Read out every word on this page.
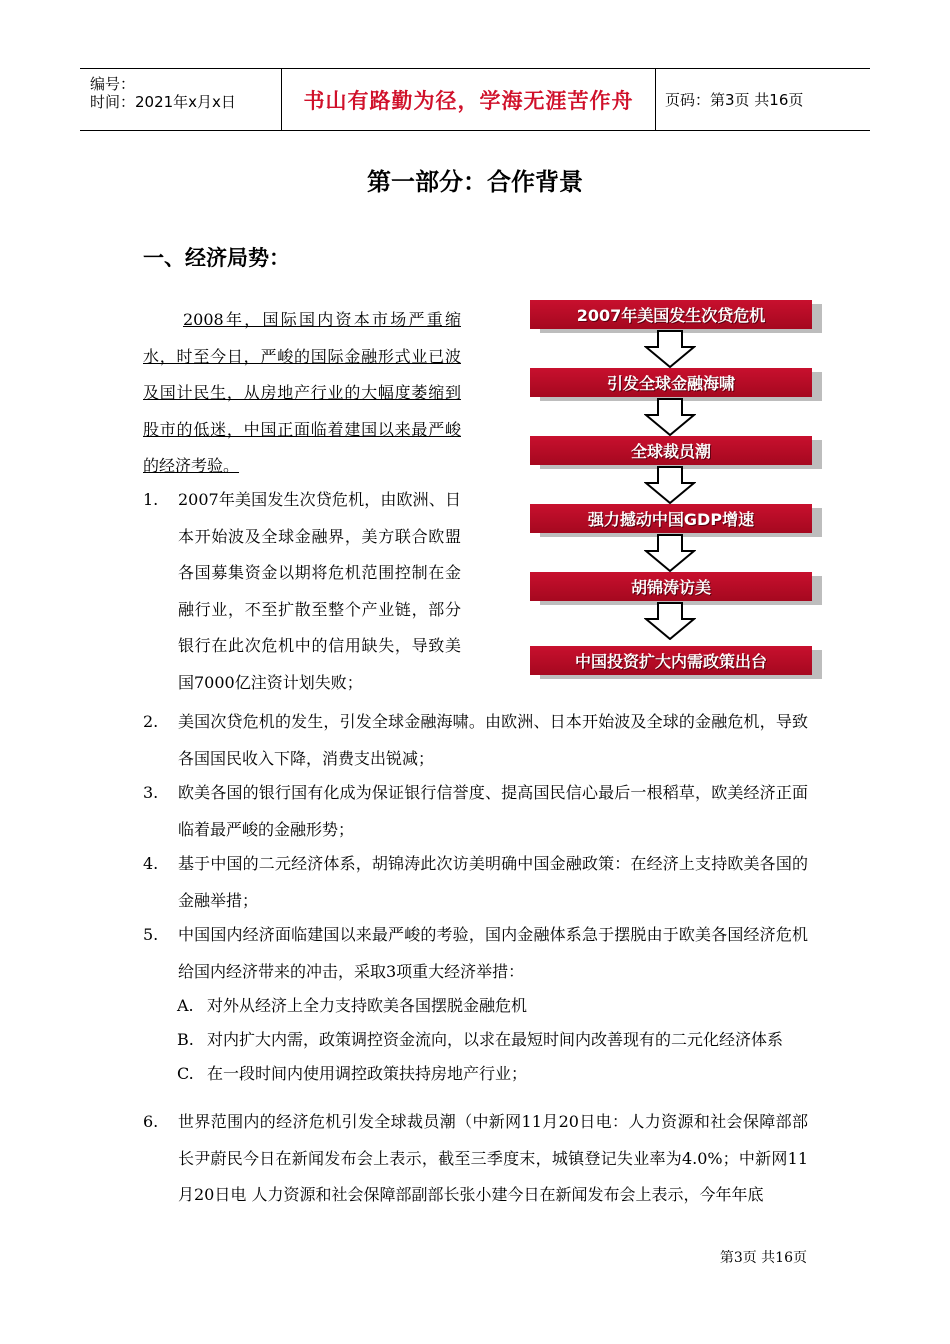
编号：
时间：2021年x月x日	书山有路勤为径，学海无涯苦作舟 页码：第3页 共16页
第一部分：合作背景
一、经济局势：
2008年，国际国内资本市场严重缩水，时至今日，严峻的国际金融形式业已波及国计民生，从房地产行业的大幅度萎缩到股市的低迷，中国正面临着建国以来最严峻的经济考验。
2007年美国发生次贷危机
引发全球金融海啸
全球裁员潮
强力撼动中国GDP增速
胡锦涛访美
中国投资扩大内需政策出台
1.	2007年美国发生次贷危机，由欧洲、日本开始波及全球金融界，美方联合欧盟各国募集资金以期将危机范围控制在金融行业，不至扩散至整个产业链，部分银行在此次危机中的信用缺失，导致美国7000亿注资计划失败；
2.	美国次贷危机的发生，引发全球金融海啸。由欧洲、日本开始波及全球的金融危机，导致各国国民收入下降，消费支出锐减；
3.	欧美各国的银行国有化成为保证银行信誉度、提高国民信心最后一根稻草，欧美经济正面临着最严峻的金融形势；
4.	基于中国的二元经济体系，胡锦涛此次访美明确中国金融政策：在经济上支持欧美各国的金融举措；
5.	中国国内经济面临建国以来最严峻的考验，国内金融体系急于摆脱由于欧美各国经济危机给国内经济带来的冲击，采取3项重大经济举措：
A. 对外从经济上全力支持欧美各国摆脱金融危机
B. 对内扩大内需，政策调控资金流向，以求在最短时间内改善现有的二元化经济体系
C. 在一段时间内使用调控政策扶持房地产行业；
6.	世界范围内的经济危机引发全球裁员潮（中新网11月20日电：人力资源和社会保障部部长尹蔚民今日在新闻发布会上表示，截至三季度末，城镇登记失业率为4.0%；中新网11月20日电 人力资源和社会保障部副部长张小建今日在新闻发布会上表示，今年年底
第3页 共16页
